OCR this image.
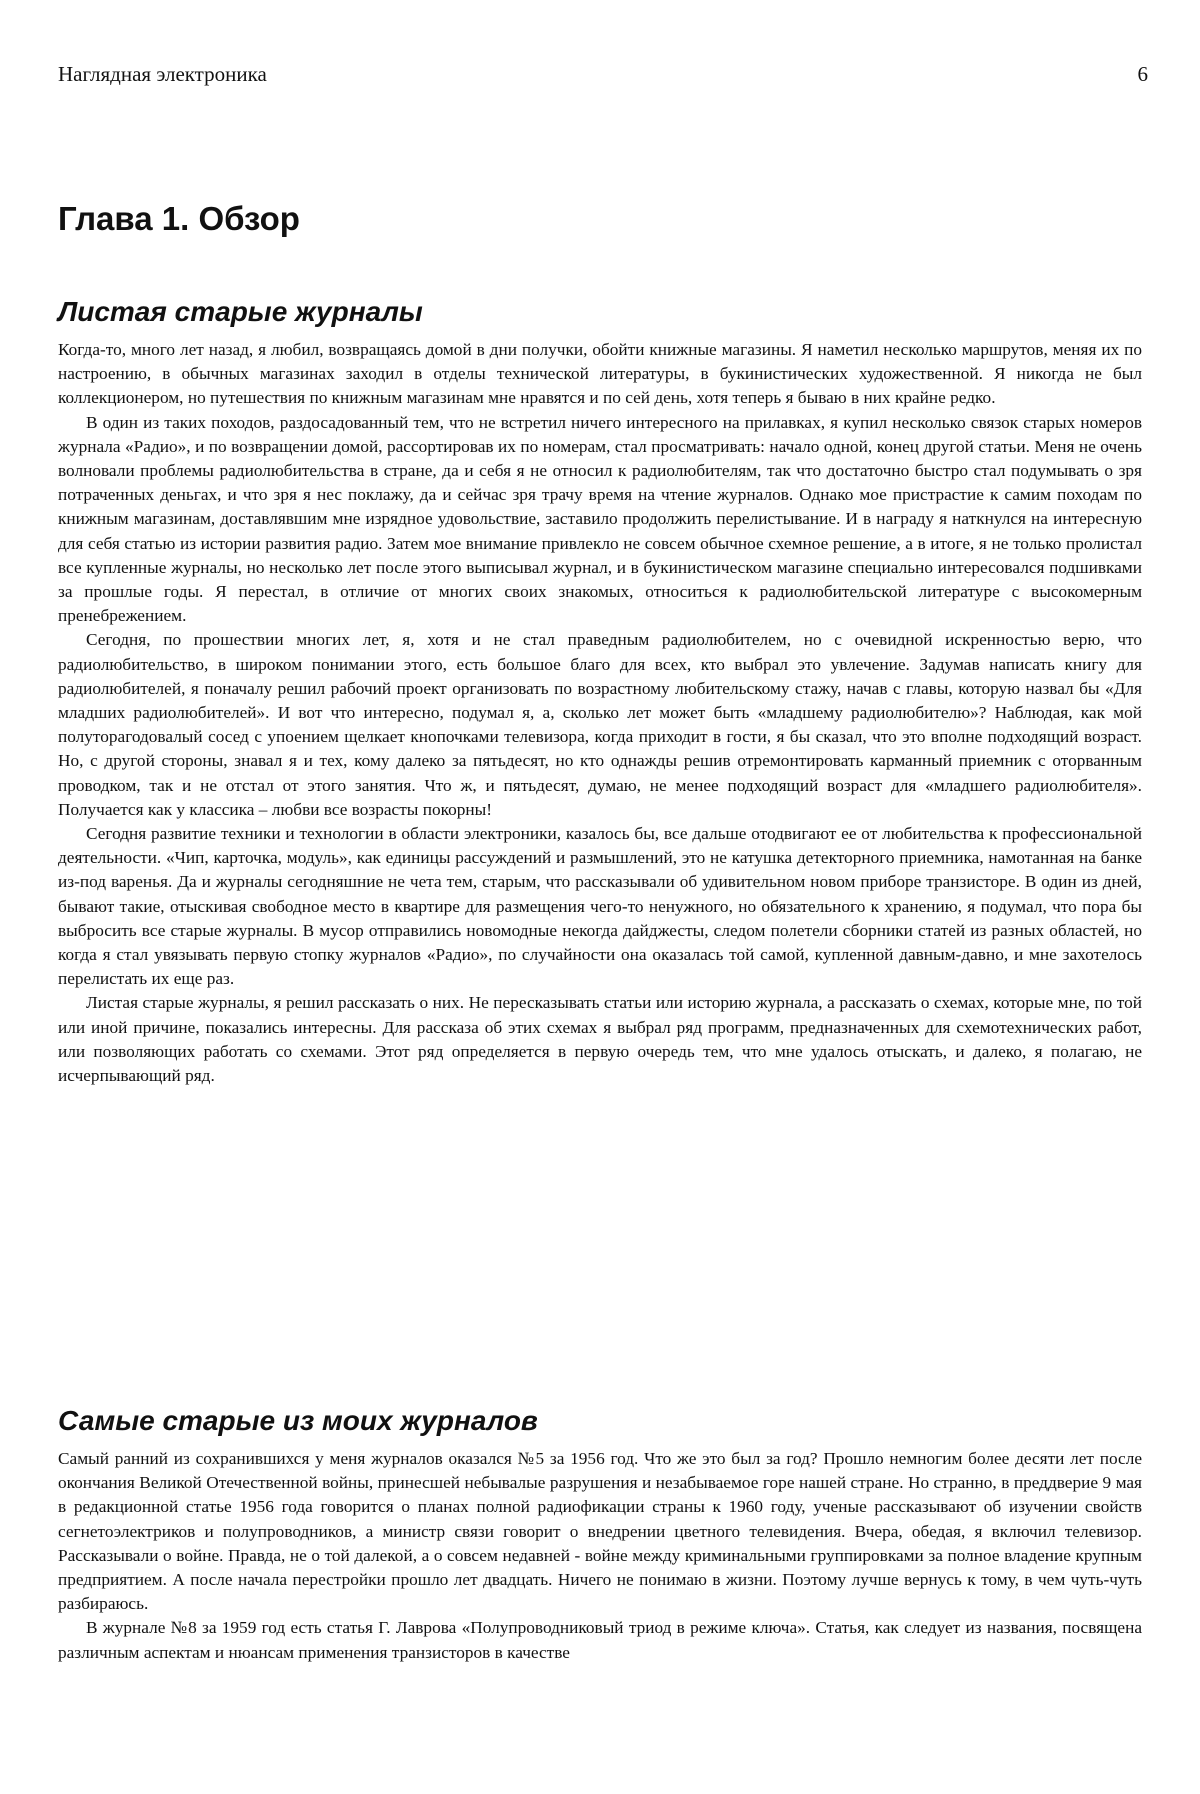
Наглядная электроника	6
Глава 1. Обзор
Листая старые журналы

Когда-то, много лет назад, я любил, возвращаясь домой в дни получки, обойти книжные магазины. Я наметил несколько маршрутов, меняя их по настроению, в обычных магазинах заходил в отделы технической литературы, в букинистических художественной. Я никогда не был коллекционером, но путешествия по книжным магазинам мне нравятся и по сей день, хотя теперь я бываю в них крайне редко.

В один из таких походов, раздосадованный тем, что не встретил ничего интересного на прилавках, я купил несколько связок старых номеров журнала «Радио», и по возвращении домой, рассортировав их по номерам, стал просматривать: начало одной, конец другой статьи. Меня не очень волновали проблемы радиолюбительства в стране, да и себя я не относил к радиолюбителям, так что достаточно быстро стал подумывать о зря потраченных деньгах, и что зря я нес поклажу, да и сейчас зря трачу время на чтение журналов. Однако мое пристрастие к самим походам по книжным магазинам, доставлявшим мне изрядное удовольствие, заставило продолжить перелистывание. И в награду я наткнулся на интересную для себя статью из истории развития радио. Затем мое внимание привлекло не совсем обычное схемное решение, а в итоге, я не только пролистал все купленные журналы, но несколько лет после этого выписывал журнал, и в букинистическом магазине специально интересовался подшивками за прошлые годы. Я перестал, в отличие от многих своих знакомых, относиться к радиолюбительской литературе с высокомерным пренебрежением.

Сегодня, по прошествии многих лет, я, хотя и не стал праведным радиолюбителем, но с очевидной искренностью верю, что радиолюбительство, в широком понимании этого, есть большое благо для всех, кто выбрал это увлечение. Задумав написать книгу для радиолюбителей, я поначалу решил рабочий проект организовать по возрастному любительскому стажу, начав с главы, которую назвал бы «Для младших радиолюбителей». И вот что интересно, подумал я, а, сколько лет может быть «младшему радиолюбителю»? Наблюдая, как мой полуторагодовалый сосед с упоением щелкает кнопочками телевизора, когда приходит в гости, я бы сказал, что это вполне подходящий возраст. Но, с другой стороны, знавал я и тех, кому далеко за пятьдесят, но кто однажды решив отремонтировать карманный приемник с оторванным проводком, так и не отстал от этого занятия. Что ж, и пятьдесят, думаю, не менее подходящий возраст для «младшего радиолюбителя». Получается как у классика – любви все возрасты покорны!

Сегодня развитие техники и технологии в области электроники, казалось бы, все дальше отодвигают ее от любительства к профессиональной деятельности. «Чип, карточка, модуль», как единицы рассуждений и размышлений, это не катушка детекторного приемника, намотанная на банке из-под варенья. Да и журналы сегодняшние не чета тем, старым, что рассказывали об удивительном новом приборе транзисторе. В один из дней, бывают такие, отыскивая свободное место в квартире для размещения чего-то ненужного, но обязательного к хранению, я подумал, что пора бы выбросить все старые журналы. В мусор отправились новомодные некогда дайджесты, следом полетели сборники статей из разных областей, но когда я стал увязывать первую стопку журналов «Радио», по случайности она оказалась той самой, купленной давным-давно, и мне захотелось перелистать их еще раз.

Листая старые журналы, я решил рассказать о них. Не пересказывать статьи или историю журнала, а рассказать о схемах, которые мне, по той или иной причине, показались интересны. Для рассказа об этих схемах я выбрал ряд программ, предназначенных для схемотехнических работ, или позволяющих работать со схемами. Этот ряд определяется в первую очередь тем, что мне удалось отыскать, и далеко, я полагаю, не исчерпывающий ряд.

Самые старые из моих журналов

Самый ранний из сохранившихся у меня журналов оказался №5 за 1956 год. Что же это был за год? Прошло немногим более десяти лет после окончания Великой Отечественной войны, принесшей небывалые разрушения и незабываемое горе нашей стране. Но странно, в преддверие 9 мая в редакционной статье 1956 года говорится о планах полной радиофикации страны к 1960 году, ученые рассказывают об изучении свойств сегнетоэлектриков и полупроводников, а министр связи говорит о внедрении цветного телевидения. Вчера, обедая, я включил телевизор. Рассказывали о войне. Правда, не о той далекой, а о совсем недавней - войне между криминальными группировками за полное владение крупным предприятием. А после начала перестройки прошло лет двадцать. Ничего не понимаю в жизни. Поэтому лучше вернусь к тому, в чем чуть-чуть разбираюсь.

В журнале №8 за 1959 год есть статья Г. Лаврова «Полупроводниковый триод в режиме ключа». Статья, как следует из названия, посвящена различным аспектам и нюансам применения транзисторов в качестве
